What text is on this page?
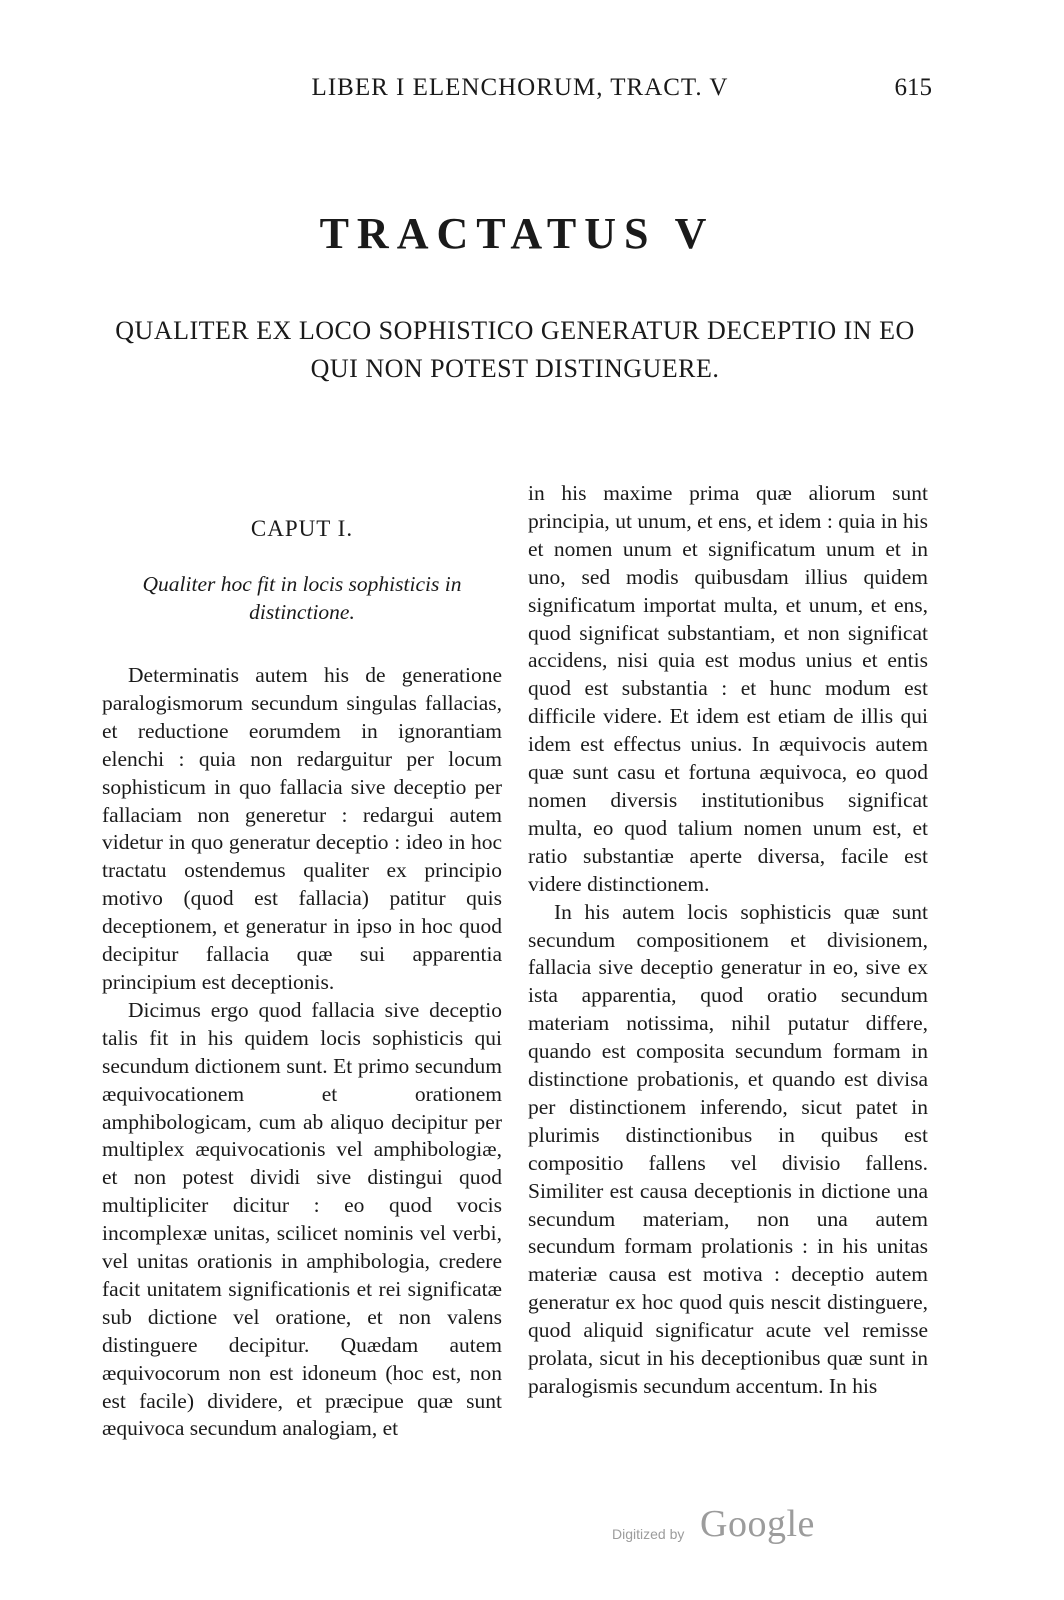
LIBER I ELENCHORUM, TRACT. V	615
TRACTATUS V
QUALITER EX LOCO SOPHISTICO GENERATUR DECEPTIO IN EO QUI NON POTEST DISTINGUERE.
CAPUT I.
Qualiter hoc fit in locis sophisticis in distinctione.

Determinatis autem his de generatione paralogismorum secundum singulas fallacias, et reductione eorumdem in ignorantiam elenchi : quia non redarguitur per locum sophisticum in quo fallacia sive deceptio per fallaciam non generetur : redargui autem videtur in quo generatur deceptio : ideo in hoc tractatu ostendemus qualiter ex principio motivo (quod est fallacia) patitur quis deceptionem, et generatur in ipso in hoc quod decipitur fallacia quæ sui apparentia principium est deceptionis.

Dicimus ergo quod fallacia sive deceptio talis fit in his quidem locis sophisticis qui secundum dictionem sunt. Et primo secundum æquivocationem et orationem amphibologicam, cum ab aliquo decipitur per multiplex æquivocationis vel amphibologiæ, et non potest dividi sive distingui quod multipliciter dicitur : eo quod vocis incomplexæ unitas, scilicet nominis vel verbi, vel unitas orationis in amphibologia, credere facit unitatem significationis et rei significatæ sub dictione vel oratione, et non valens distinguere decipitur. Quædam autem æquivocorum non est idoneum (hoc est, non est facile) dividere, et præcipue quæ sunt æquivoca secundum analogiam, et

in his maxime prima quæ aliorum sunt principia, ut unum, et ens, et idem : quia in his et nomen unum et significatum unum et in uno, sed modis quibusdam illius quidem significatum importat multa, et unum, et ens, quod significat substantiam, et non significat accidens, nisi quia est modus unius et entis quod est substantia : et hunc modum est difficile videre. Et idem est etiam de illis qui idem est effectus unius. In æquivocis autem quæ sunt casu et fortuna æquivoca, eo quod nomen diversis institutionibus significat multa, eo quod talium nomen unum est, et ratio substantiæ aperte diversa, facile est videre distinctionem.

In his autem locis sophisticis quæ sunt secundum compositionem et divisionem, fallacia sive deceptio generatur in eo, sive ex ista apparentia, quod oratio secundum materiam notissima, nihil putatur differe, quando est composita secundum formam in distinctione probationis, et quando est divisa per distinctionem inferendo, sicut patet in plurimis distinctionibus in quibus est compositio fallens vel divisio fallens. Similiter est causa deceptionis in dictione una secundum materiam, non una autem secundum formam prolationis : in his unitas materiæ causa est motiva : deceptio autem generatur ex hoc quod quis nescit distinguere, quod aliquid significatur acute vel remisse prolata, sicut in his deceptionibus quæ sunt in paralogismis secundum accentum. In his

Digitized by Google
